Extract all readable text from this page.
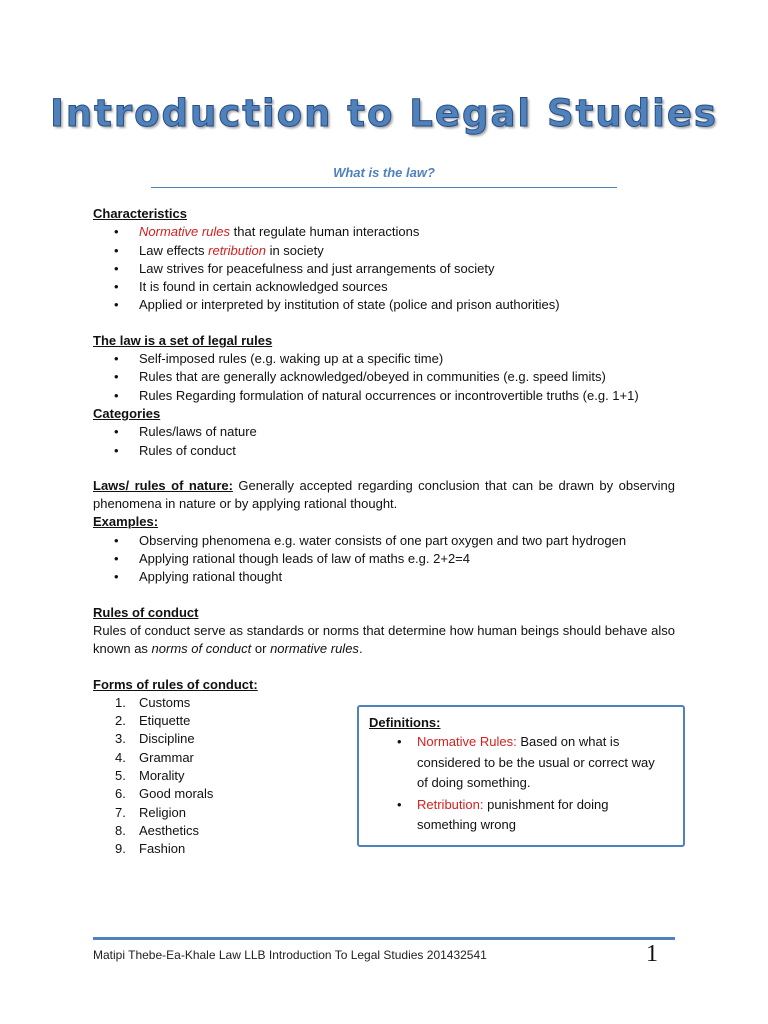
Introduction to Legal Studies
What is the law?
Characteristics
• Normative rules that regulate human interactions
• Law effects retribution in society
• Law strives for peacefulness and just arrangements of society
• It is found in certain acknowledged sources
• Applied or interpreted by institution of state (police and prison authorities)
The law is a set of legal rules
• Self-imposed rules (e.g. waking up at a specific time)
• Rules that are generally acknowledged/obeyed in communities (e.g. speed limits)
• Rules Regarding formulation of natural occurrences or incontrovertible truths (e.g. 1+1)
Categories
• Rules/laws of nature
• Rules of conduct
Laws/ rules of nature: Generally accepted regarding conclusion that can be drawn by observing phenomena in nature or by applying rational thought.
Examples:
• Observing phenomena e.g. water consists of one part oxygen and two part hydrogen
• Applying rational though leads of law of maths e.g. 2+2=4
• Applying rational thought
Rules of conduct
Rules of conduct serve as standards or norms that determine how human beings should behave also known as norms of conduct or normative rules.
Forms of rules of conduct:
1. Customs
2. Etiquette
3. Discipline
4. Grammar
5. Morality
6. Good morals
7. Religion
8. Aesthetics
9. Fashion
Definitions:
• Normative Rules: Based on what is considered to be the usual or correct way of doing something.
• Retribution: punishment for doing something wrong
Matipi Thebe-Ea-Khale Law LLB Introduction To Legal Studies 201432541	1
